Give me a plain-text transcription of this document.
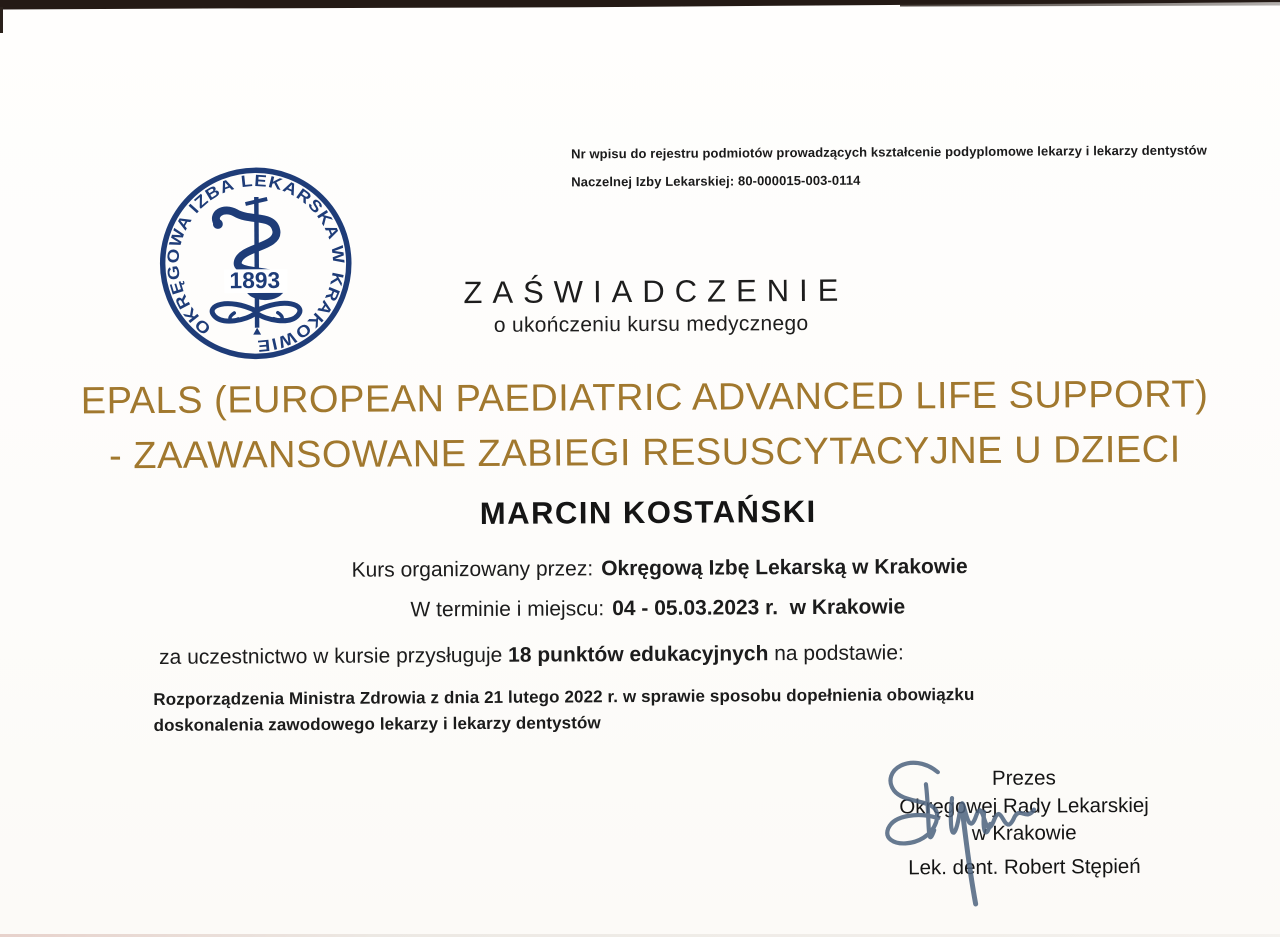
Nr wpisu do rejestru podmiotów prowadzących kształcenie podyplomowe lekarzy i lekarzy dentystów
Naczelnej Izby Lekarskiej: 80-000015-003-0114
OKRĘGOWA IZBA LEKARSKA W KRAKOWIE
1893	ZAŚWIADCZENIE
o ukończeniu kursu medycznego
EPALS (EUROPEAN PAEDIATRIC ADVANCED LIFE SUPPORT)
- ZAAWANSOWANE ZABIEGI RESUSCYTACYJNE U DZIECI
MARCIN KOSTAŃSKI
Kurs organizowany przez: Okręgową Izbę Lekarską w Krakowie
W terminie i miejscu: 04 - 05.03.2023 r.  w Krakowie
za uczestnictwo w kursie przysługuje 18 punktów edukacyjnych na podstawie:
Rozporządzenia Ministra Zdrowia z dnia 21 lutego 2022 r. w sprawie sposobu dopełnienia obowiązku doskonalenia zawodowego lekarzy i lekarzy dentystów
Prezes
Okręgowej Rady Lekarskiej
w Krakowie
Lek. dent. Robert Stępień
